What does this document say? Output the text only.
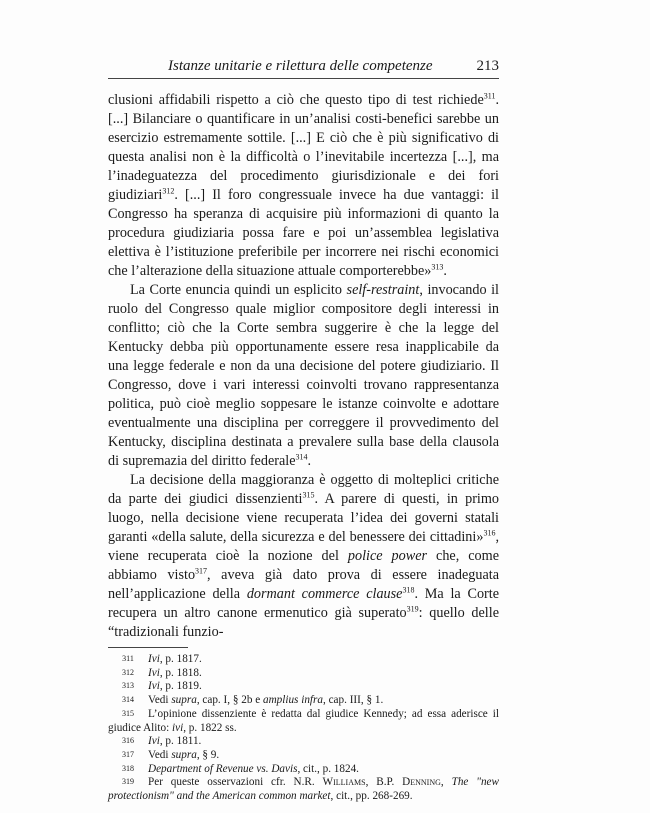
Istanze unitarie e rilettura delle competenze	213

clusioni affidabili rispetto a ciò che questo tipo di test richiede$^{311}$. [...] Bilanciare o quantificare in un’analisi costi-benefici sarebbe un esercizio estremamente sottile. [...] E ciò che è più significativo di questa analisi non è la difficoltà o l’inevitabile incertezza [...], ma l’inadeguatezza del procedimento giurisdizionale e dei fori giudiziari$^{312}$. [...] Il foro congressuale invece ha due vantaggi: il Congresso ha speranza di acquisire più informazioni di quanto la procedura giudiziaria possa fare e poi un’assemblea legislativa elettiva è l’istituzione preferibile per incorrere nei rischi economici che l’alterazione della situazione attuale comporterebbe»$^{313}$.

La Corte enuncia quindi un esplicito self-restraint, invocando il ruolo del Congresso quale miglior compositore degli interessi in conflitto; ciò che la Corte sembra suggerire è che la legge del Kentucky debba più opportunamente essere resa inapplicabile da una legge federale e non da una decisione del potere giudiziario. Il Congresso, dove i vari interessi coinvolti trovano rappresentanza politica, può cioè meglio soppesare le istanze coinvolte e adottare eventualmente una disciplina per correggere il provvedimento del Kentucky, disciplina destinata a prevalere sulla base della clausola di supremazia del diritto federale$^{314}$.

La decisione della maggioranza è oggetto di molteplici critiche da parte dei giudici dissenzienti$^{315}$. A parere di questi, in primo luogo, nella decisione viene recuperata l’idea dei governi statali garanti «della salute, della sicurezza e del benessere dei cittadini»$^{316}$, viene recuperata cioè la nozione del police power che, come abbiamo visto$^{317}$, aveva già dato prova di essere inadeguata nell’applicazione della dormant commerce clause$^{318}$. Ma la Corte recupera un altro canone ermenutico già superato$^{319}$: quello delle “tradizionali funzio-

311 Ivi, p. 1817.
312 Ivi, p. 1818.
313 Ivi, p. 1819.
314 Vedi supra, cap. I, § 2b e amplius infra, cap. III, § 1.
315 L’opinione dissenziente è redatta dal giudice Kennedy; ad essa aderisce il giudice Alito: ivi, p. 1822 ss.
316 Ivi, p. 1811.
317 Vedi supra, § 9.
318 Department of Revenue vs. Davis, cit., p. 1824.
319 Per queste osservazioni cfr. N.R. Williams, B.P. Denning, The "new protectionism" and the American common market, cit., pp. 268-269.
